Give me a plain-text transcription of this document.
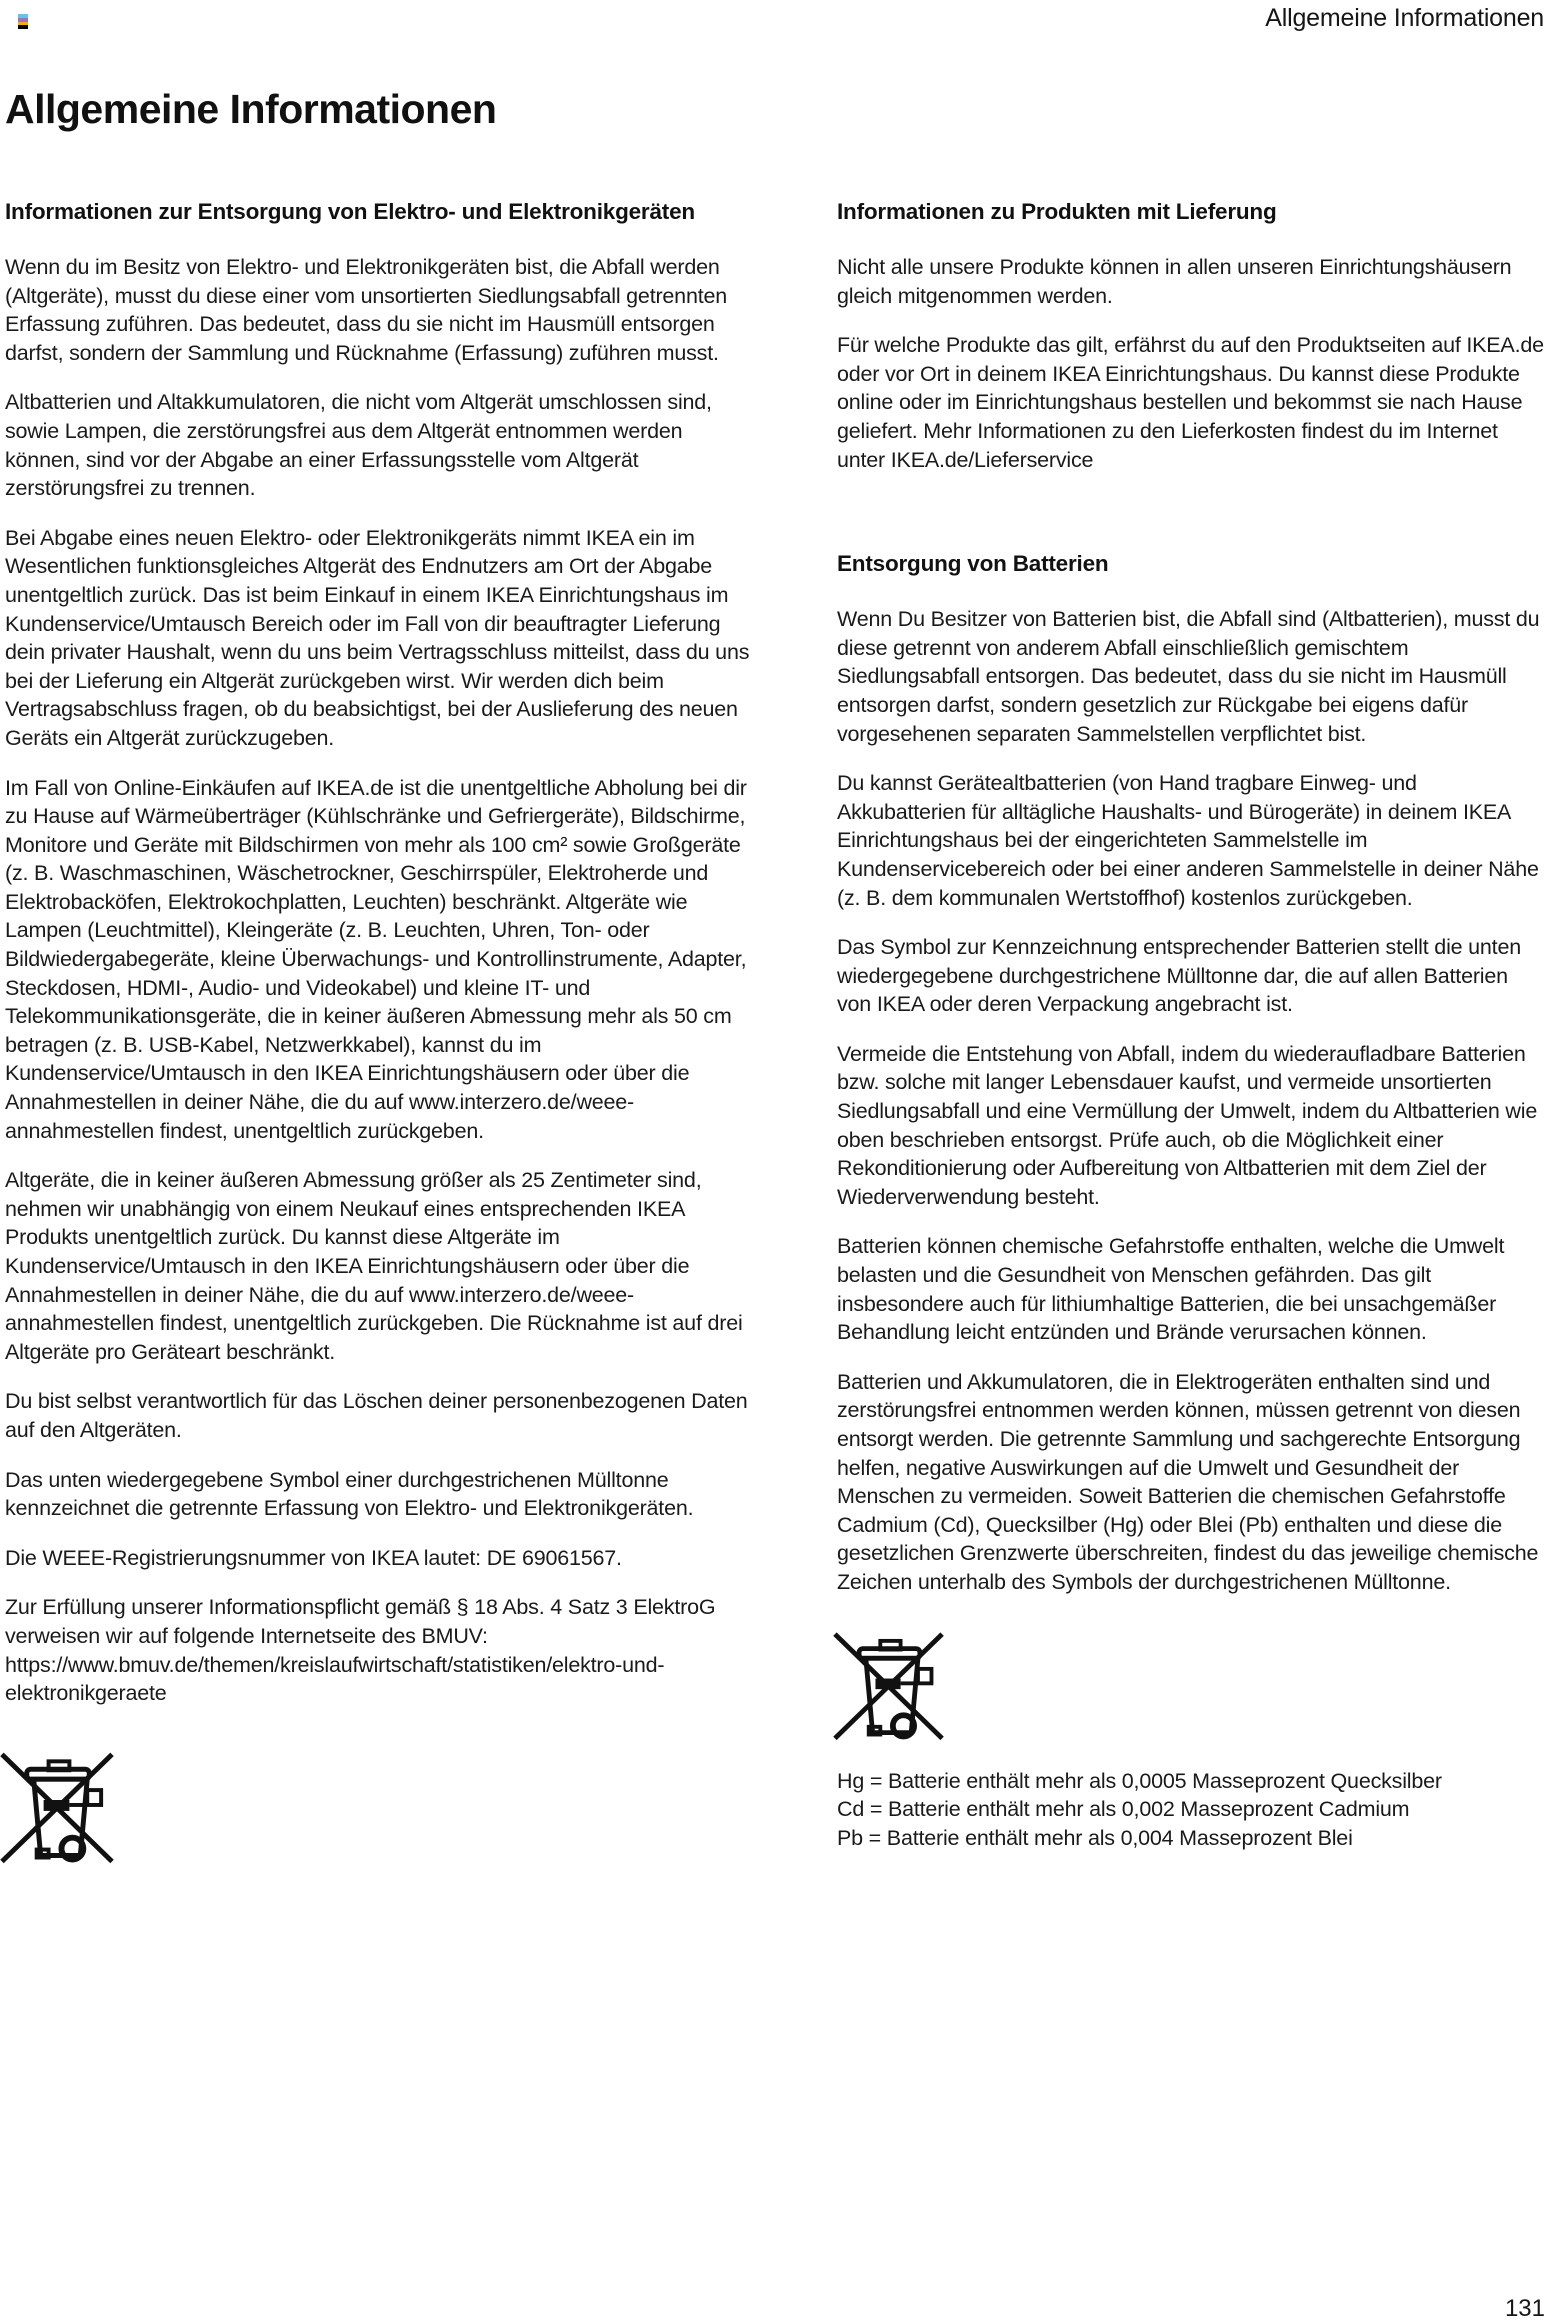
Allgemeine Informationen
Allgemeine Informationen
Informationen zur Entsorgung von Elektro- und Elektronikgeräten

Wenn du im Besitz von Elektro- und Elektronikgeräten bist, die Abfall werden (Altgeräte), musst du diese einer vom unsortierten Siedlungsabfall getrennten Erfassung zuführen. Das bedeutet, dass du sie nicht im Hausmüll entsorgen darfst, sondern der Sammlung und Rücknahme (Erfassung) zuführen musst.

Altbatterien und Altakkumulatoren, die nicht vom Altgerät umschlossen sind, sowie Lampen, die zerstörungsfrei aus dem Altgerät entnommen werden können, sind vor der Abgabe an einer Erfassungsstelle vom Altgerät zerstörungsfrei zu trennen.

Bei Abgabe eines neuen Elektro- oder Elektronikgeräts nimmt IKEA ein im Wesentlichen funktionsgleiches Altgerät des Endnutzers am Ort der Abgabe unentgeltlich zurück. Das ist beim Einkauf in einem IKEA Einrichtungshaus im Kundenservice/Umtausch Bereich oder im Fall von dir beauftragter Lieferung dein privater Haushalt, wenn du uns beim Vertragsschluss mitteilst, dass du uns bei der Lieferung ein Altgerät zurückgeben wirst. Wir werden dich beim Vertragsabschluss fragen, ob du beabsichtigst, bei der Auslieferung des neuen Geräts ein Altgerät zurückzugeben.

Im Fall von Online-Einkäufen auf IKEA.de ist die unentgeltliche Abholung bei dir zu Hause auf Wärmeüberträger (Kühlschränke und Gefriergeräte), Bildschirme, Monitore und Geräte mit Bildschirmen von mehr als 100 cm² sowie Großgeräte (z. B. Waschmaschinen, Wäschetrockner, Geschirrspüler, Elektroherde und Elektrobacköfen, Elektrokochplatten, Leuchten) beschränkt. Altgeräte wie Lampen (Leuchtmittel), Kleingeräte (z. B. Leuchten, Uhren, Ton- oder Bildwiedergabegeräte, kleine Überwachungs- und Kontrollinstrumente, Adapter, Steckdosen, HDMI-, Audio- und Videokabel) und kleine IT- und Telekommunikationsgeräte, die in keiner äußeren Abmessung mehr als 50 cm betragen (z. B. USB-Kabel, Netzwerkkabel), kannst du im Kundenservice/Umtausch in den IKEA Einrichtungshäusern oder über die Annahmestellen in deiner Nähe, die du auf www.interzero.de/weee-annahmestellen findest, unentgeltlich zurückgeben.

Altgeräte, die in keiner äußeren Abmessung größer als 25 Zentimeter sind, nehmen wir unabhängig von einem Neukauf eines entsprechenden IKEA Produkts unentgeltlich zurück. Du kannst diese Altgeräte im Kundenservice/Umtausch in den IKEA Einrichtungshäusern oder über die Annahmestellen in deiner Nähe, die du auf www.interzero.de/weee-annahmestellen findest, unentgeltlich zurückgeben. Die Rücknahme ist auf drei Altgeräte pro Geräteart beschränkt.

Du bist selbst verantwortlich für das Löschen deiner personenbezogenen Daten auf den Altgeräten.

Das unten wiedergegebene Symbol einer durchgestrichenen Mülltonne kennzeichnet die getrennte Erfassung von Elektro- und Elektronikgeräten.

Die WEEE-Registrierungsnummer von IKEA lautet: DE 69061567.

Zur Erfüllung unserer Informationspflicht gemäß § 18 Abs. 4 Satz 3 ElektroG verweisen wir auf folgende Internetseite des BMUV: https://www.bmuv.de/themen/kreislaufwirtschaft/statistiken/elektro-und-elektronikgeraete

Informationen zu Produkten mit Lieferung

Nicht alle unsere Produkte können in allen unseren Einrichtungshäusern gleich mitgenommen werden.

Für welche Produkte das gilt, erfährst du auf den Produktseiten auf IKEA.de oder vor Ort in deinem IKEA Einrichtungshaus. Du kannst diese Produkte online oder im Einrichtungshaus bestellen und bekommst sie nach Hause geliefert. Mehr Informationen zu den Lieferkosten findest du im Internet unter IKEA.de/Lieferservice

Entsorgung von Batterien

Wenn Du Besitzer von Batterien bist, die Abfall sind (Altbatterien), musst du diese getrennt von anderem Abfall einschließlich gemischtem Siedlungsabfall entsorgen. Das bedeutet, dass du sie nicht im Hausmüll entsorgen darfst, sondern gesetzlich zur Rückgabe bei eigens dafür vorgesehenen separaten Sammelstellen verpflichtet bist.

Du kannst Gerätealtbatterien (von Hand tragbare Einweg- und Akkubatterien für alltägliche Haushalts- und Bürogeräte) in deinem IKEA Einrichtungshaus bei der eingerichteten Sammelstelle im Kundenservicebereich oder bei einer anderen Sammelstelle in deiner Nähe (z. B. dem kommunalen Wertstoffhof) kostenlos zurückgeben.

Das Symbol zur Kennzeichnung entsprechender Batterien stellt die unten wiedergegebene durchgestrichene Mülltonne dar, die auf allen Batterien von IKEA oder deren Verpackung angebracht ist.

Vermeide die Entstehung von Abfall, indem du wiederaufladbare Batterien bzw. solche mit langer Lebensdauer kaufst, und vermeide unsortierten Siedlungsabfall und eine Vermüllung der Umwelt, indem du Altbatterien wie oben beschrieben entsorgst. Prüfe auch, ob die Möglichkeit einer Rekonditionierung oder Aufbereitung von Altbatterien mit dem Ziel der Wiederverwendung besteht.

Batterien können chemische Gefahrstoffe enthalten, welche die Umwelt belasten und die Gesundheit von Menschen gefährden. Das gilt insbesondere auch für lithiumhaltige Batterien, die bei unsachgemäßer Behandlung leicht entzünden und Brände verursachen können.

Batterien und Akkumulatoren, die in Elektrogeräten enthalten sind und zerstörungsfrei entnommen werden können, müssen getrennt von diesen entsorgt werden. Die getrennte Sammlung und sachgerechte Entsorgung helfen, negative Auswirkungen auf die Umwelt und Gesundheit der Menschen zu vermeiden. Soweit Batterien die chemischen Gefahrstoffe Cadmium (Cd), Quecksilber (Hg) oder Blei (Pb) enthalten und diese die gesetzlichen Grenzwerte überschreiten, findest du das jeweilige chemische Zeichen unterhalb des Symbols der durchgestrichenen Mülltonne.

Hg = Batterie enthält mehr als 0,0005 Masseprozent Quecksilber
Cd = Batterie enthält mehr als 0,002 Masseprozent Cadmium
Pb = Batterie enthält mehr als 0,004 Masseprozent Blei
131
